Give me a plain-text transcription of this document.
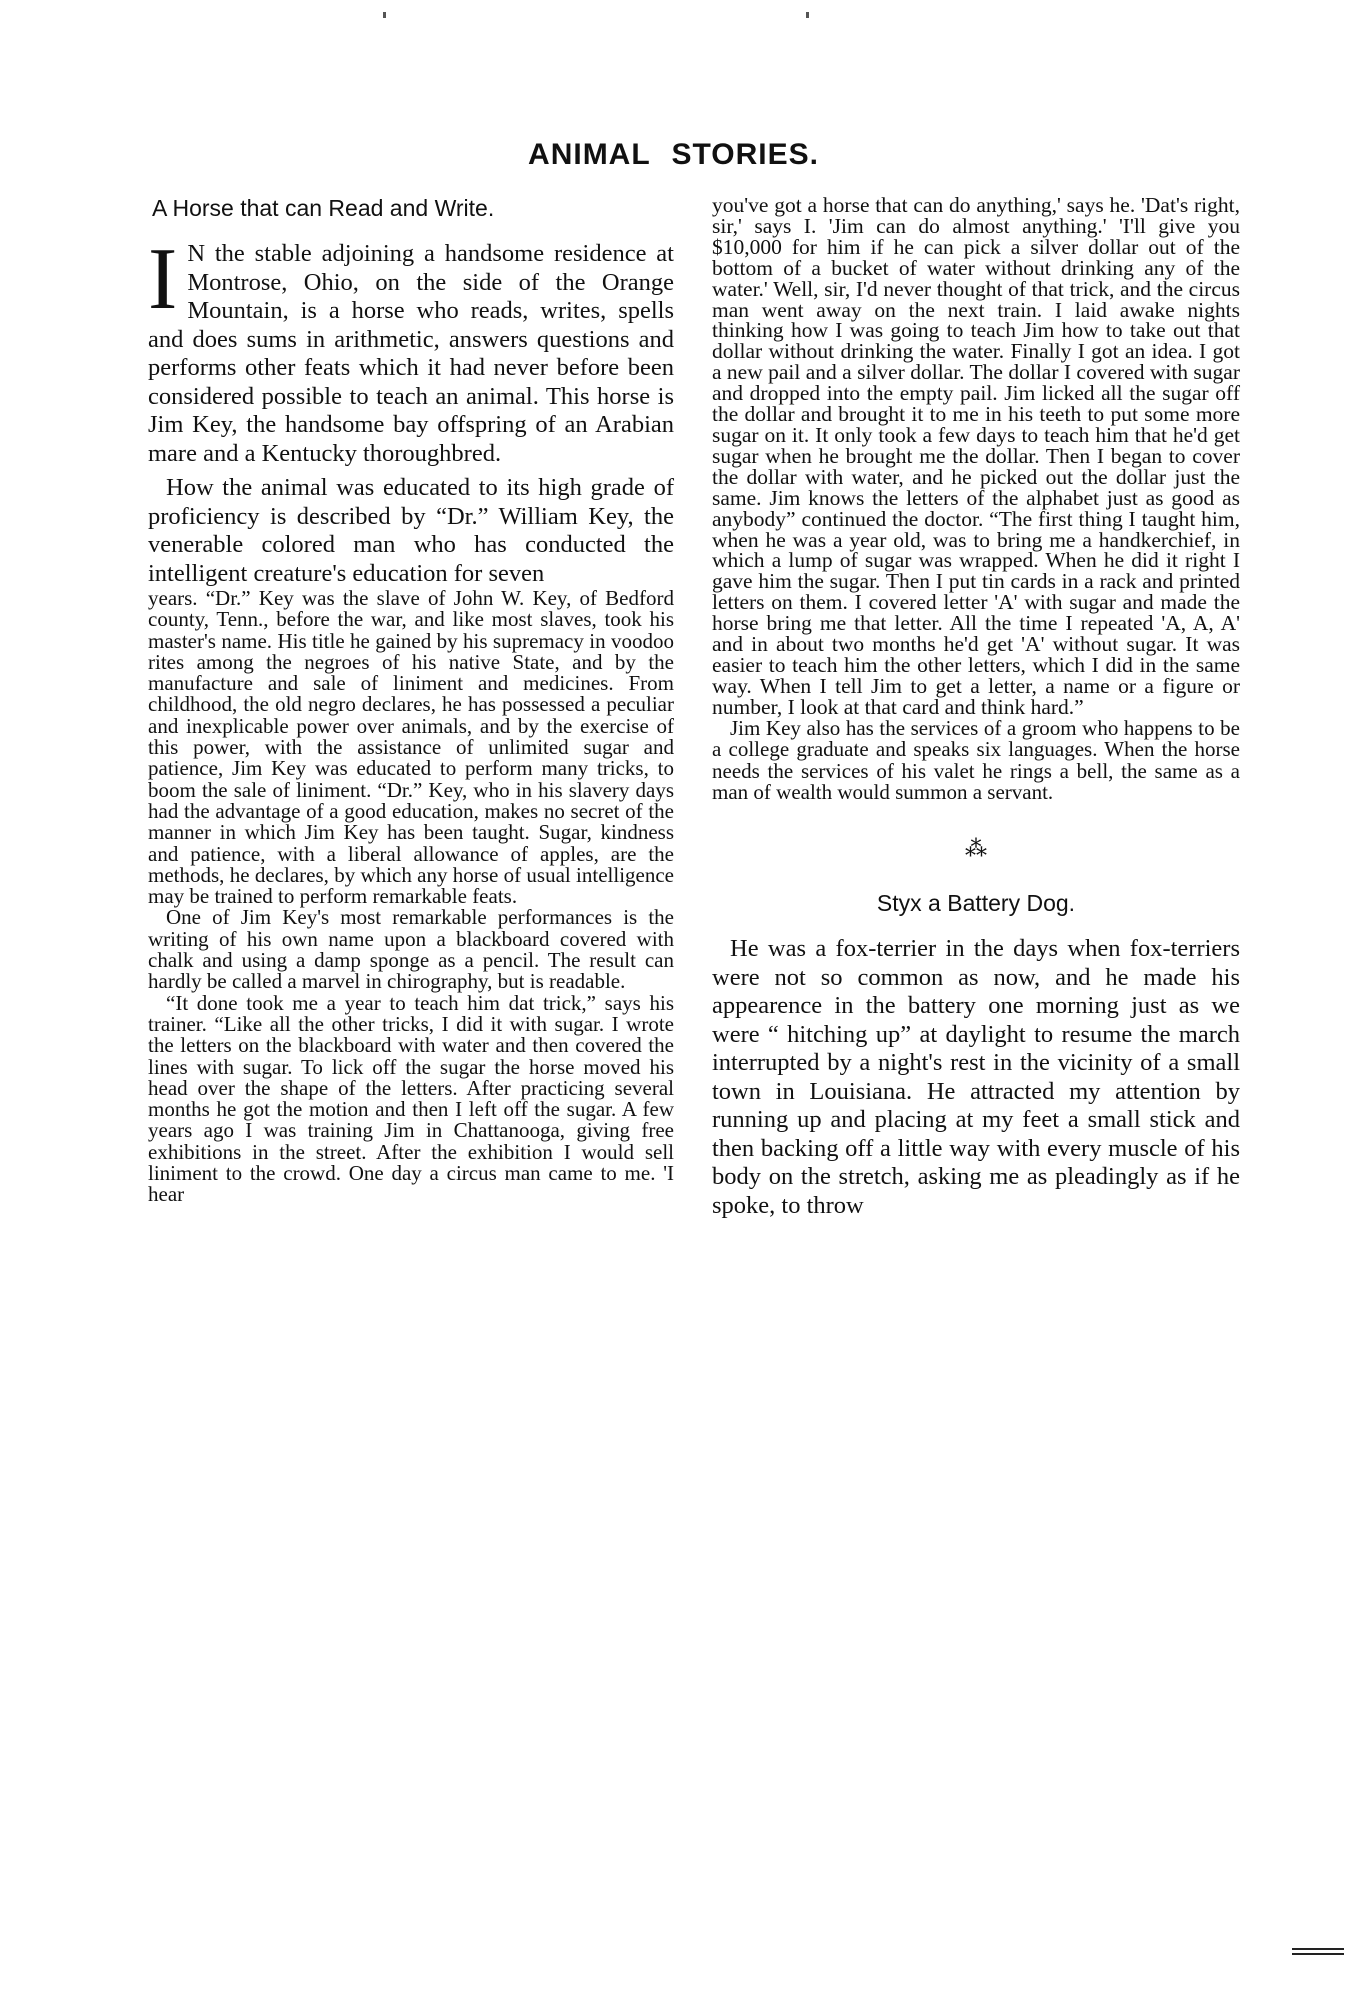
ANIMAL STORIES.
A Horse that can Read and Write.

I N the stable adjoining a handsome residence at Montrose, Ohio, on the side of the Orange Mountain, is a horse who reads, writes, spells and does sums in arithmetic, answers questions and performs other feats which it had never before been considered possible to teach an animal. This horse is Jim Key, the handsome bay offspring of an Arabian mare and a Kentucky thoroughbred.

How the animal was educated to its high grade of proficiency is described by “Dr.” William Key, the venerable colored man who has conducted the intelligent creature's education for seven

years. “Dr.” Key was the slave of John W. Key, of Bedford county, Tenn., before the war, and like most slaves, took his master's name. His title he gained by his supremacy in voodoo rites among the negroes of his native State, and by the manufacture and sale of liniment and medicines. From childhood, the old negro declares, he has possessed a peculiar and inexplicable power over animals, and by the exercise of this power, with the assistance of unlimited sugar and patience, Jim Key was educated to perform many tricks, to boom the sale of liniment. “Dr.” Key, who in his slavery days had the advantage of a good education, makes no secret of the manner in which Jim Key has been taught. Sugar, kindness and patience, with a liberal allowance of apples, are the methods, he declares, by which any horse of usual intelligence may be trained to perform remarkable feats.

One of Jim Key's most remarkable performances is the writing of his own name upon a blackboard covered with chalk and using a damp sponge as a pencil. The result can hardly be called a marvel in chirography, but is readable.

“It done took me a year to teach him dat trick,” says his trainer. “Like all the other tricks, I did it with sugar. I wrote the letters on the blackboard with water and then covered the lines with sugar. To lick off the sugar the horse moved his head over the shape of the letters. After practicing several months he got the motion and then I left off the sugar. A few years ago I was training Jim in Chattanooga, giving free exhibitions in the street. After the exhibition I would sell liniment to the crowd. One day a circus man came to me. 'I hear

you've got a horse that can do anything,' says he. 'Dat's right, sir,' says I. 'Jim can do almost anything.' 'I'll give you $10,000 for him if he can pick a silver dollar out of the bottom of a bucket of water without drinking any of the water.' Well, sir, I'd never thought of that trick, and the circus man went away on the next train. I laid awake nights thinking how I was going to teach Jim how to take out that dollar without drinking the water. Finally I got an idea. I got a new pail and a silver dollar. The dollar I covered with sugar and dropped into the empty pail. Jim licked all the sugar off the dollar and brought it to me in his teeth to put some more sugar on it. It only took a few days to teach him that he'd get sugar when he brought me the dollar. Then I began to cover the dollar with water, and he picked out the dollar just the same. Jim knows the letters of the alphabet just as good as anybody” continued the doctor. “The first thing I taught him, when he was a year old, was to bring me a handkerchief, in which a lump of sugar was wrapped. When he did it right I gave him the sugar. Then I put tin cards in a rack and printed letters on them. I covered letter 'A' with sugar and made the horse bring me that letter. All the time I repeated 'A, A, A' and in about two months he'd get 'A' without sugar. It was easier to teach him the other letters, which I did in the same way. When I tell Jim to get a letter, a name or a figure or number, I look at that card and think hard.”

Jim Key also has the services of a groom who happens to be a college graduate and speaks six languages. When the horse needs the services of his valet he rings a bell, the same as a man of wealth would summon a servant.

⁂
Styx a Battery Dog.

He was a fox-terrier in the days when fox-terriers were not so common as now, and he made his appearence in the battery one morning just as we were “ hitching up” at daylight to resume the march interrupted by a night's rest in the vicinity of a small town in Louisiana. He attracted my attention by running up and placing at my feet a small stick and then backing off a little way with every muscle of his body on the stretch, asking me as pleadingly as if he spoke, to throw
